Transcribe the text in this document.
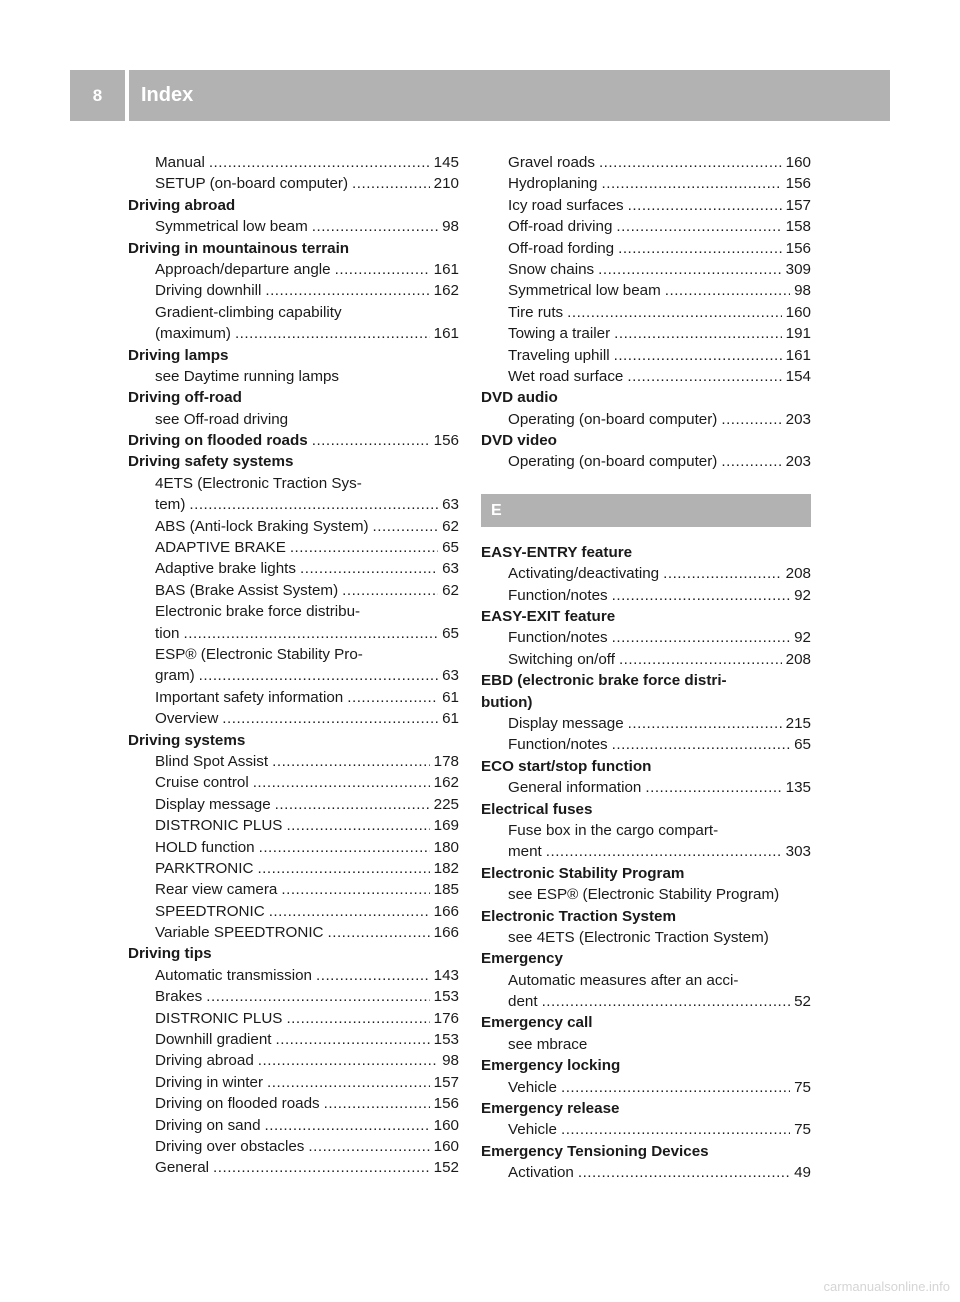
8	Index
Manual .....	145
SETUP (on-board computer) .....	210
Driving abroad
Symmetrical low beam .....	98
Driving in mountainous terrain
Approach/departure angle .....	161
Driving downhill .....	162
Gradient-climbing capability
(maximum) .....	161
Driving lamps
see Daytime running lamps
Driving off-road
see Off-road driving
Driving on flooded roads .....	156
Driving safety systems
4ETS (Electronic Traction Sys-
tem) .....	63
ABS (Anti-lock Braking System) .....	62
ADAPTIVE BRAKE .....	65
Adaptive brake lights .....	63
BAS (Brake Assist System) .....	62
Electronic brake force distribu-
tion .....	65
ESP® (Electronic Stability Pro-
gram) .....	63
Important safety information .....	61
Overview .....	61
Driving systems
Blind Spot Assist .....	178
Cruise control .....	162
Display message .....	225
DISTRONIC PLUS .....	169
HOLD function .....	180
PARKTRONIC .....	182
Rear view camera .....	185
SPEEDTRONIC .....	166
Variable SPEEDTRONIC .....	166
Driving tips
Automatic transmission .....	143
Brakes .....	153
DISTRONIC PLUS .....	176
Downhill gradient .....	153
Driving abroad .....	98
Driving in winter .....	157
Driving on flooded roads .....	156
Driving on sand .....	160
Driving over obstacles .....	160
General .....	152
Gravel roads .....	160
Hydroplaning .....	156
Icy road surfaces .....	157
Off-road driving .....	158
Off-road fording .....	156
Snow chains .....	309
Symmetrical low beam .....	98
Tire ruts .....	160
Towing a trailer .....	191
Traveling uphill .....	161
Wet road surface .....	154
DVD audio
Operating (on-board computer) .....	203
DVD video
Operating (on-board computer) .....	203
E
EASY-ENTRY feature
Activating/deactivating .....	208
Function/notes .....	92
EASY-EXIT feature
Function/notes .....	92
Switching on/off .....	208
EBD (electronic brake force distri-
bution)
Display message .....	215
Function/notes .....	65
ECO start/stop function
General information .....	135
Electrical fuses
Fuse box in the cargo compart-
ment .....	303
Electronic Stability Program
see ESP® (Electronic Stability Program)
Electronic Traction System
see 4ETS (Electronic Traction System)
Emergency
Automatic measures after an acci-
dent .....	52
Emergency call
see mbrace
Emergency locking
Vehicle .....	75
Emergency release
Vehicle .....	75
Emergency Tensioning Devices
Activation .....	49
carmanualsonline.info
